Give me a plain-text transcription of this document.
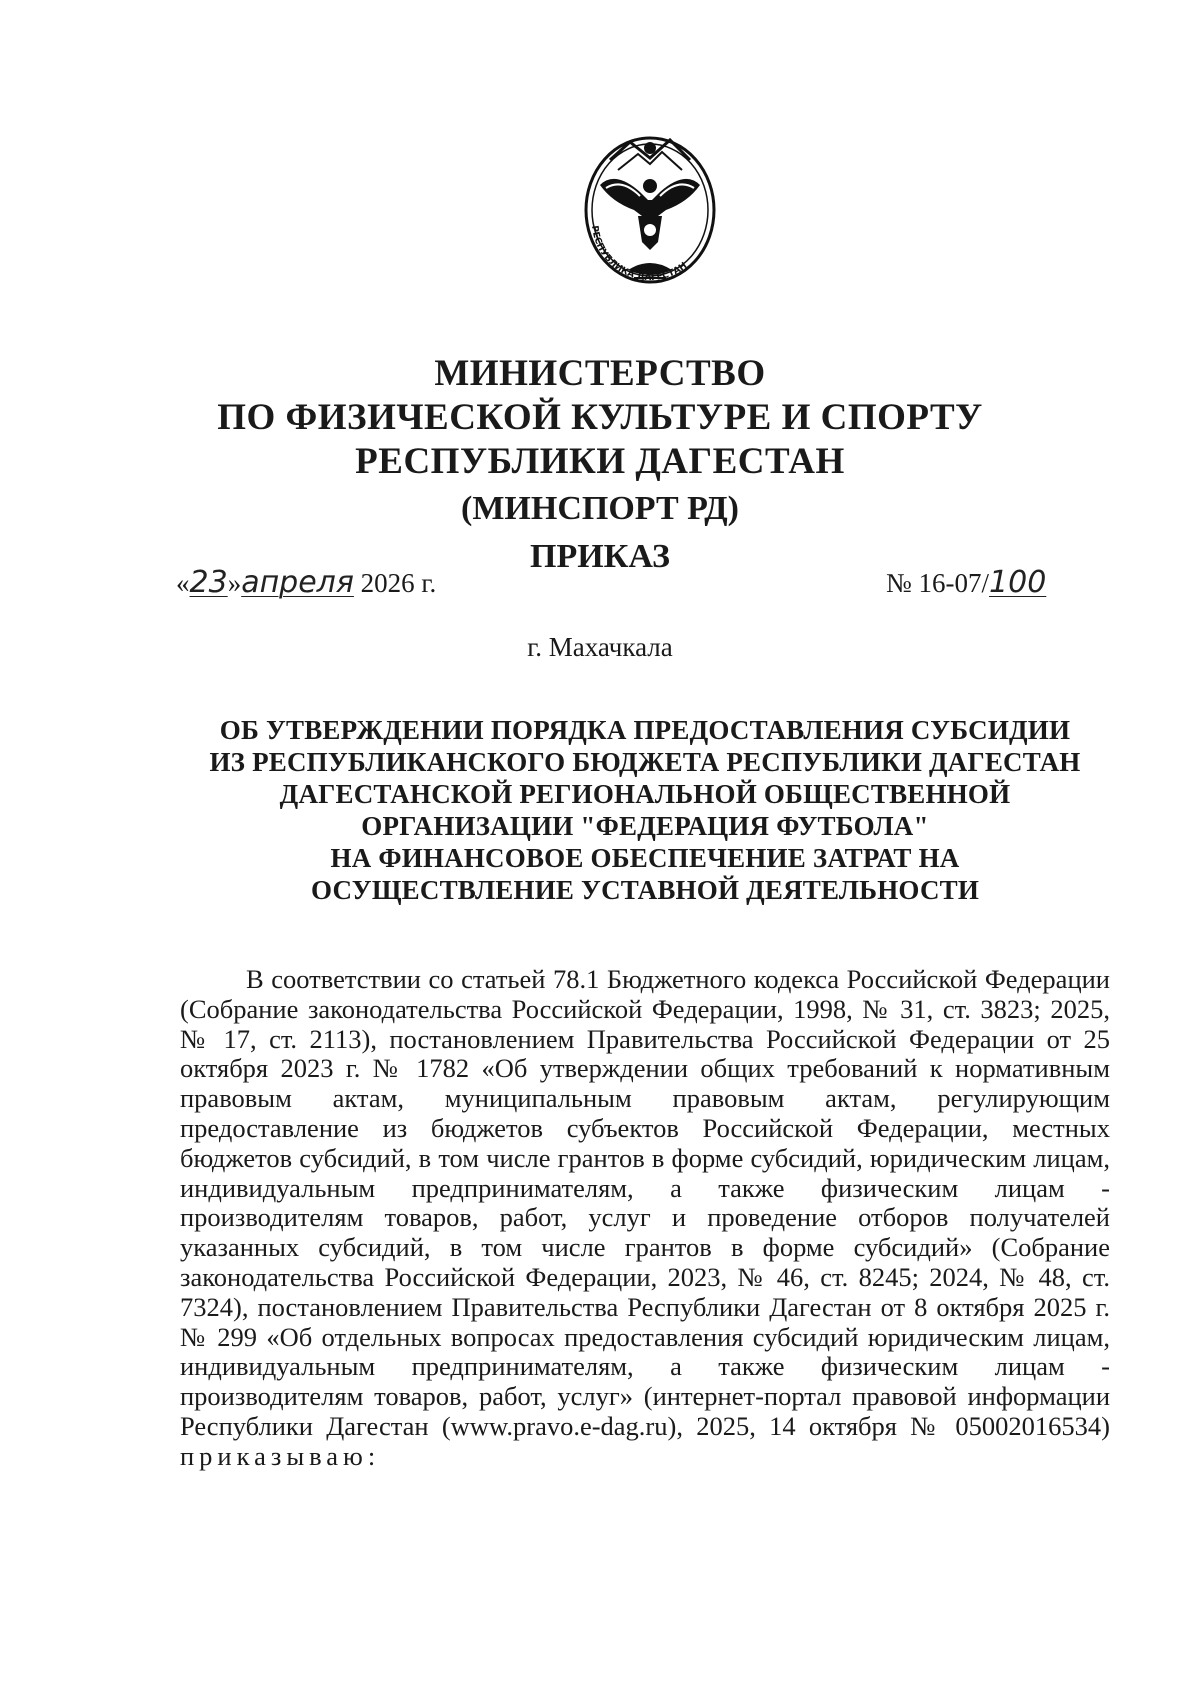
РЕСПУБЛИКА ДАГЕСТАН
МИНИСТЕРСТВО
ПО ФИЗИЧЕСКОЙ КУЛЬТУРЕ И СПОРТУ
РЕСПУБЛИКИ ДАГЕСТАН
(МИНСПОРТ РД)
ПРИКАЗ
«23»апреля 2026 г.	№ 16-07/100
г. Махачкала
ОБ УТВЕРЖДЕНИИ ПОРЯДКА ПРЕДОСТАВЛЕНИЯ СУБСИДИИ
ИЗ РЕСПУБЛИКАНСКОГО БЮДЖЕТА РЕСПУБЛИКИ ДАГЕСТАН
ДАГЕСТАНСКОЙ РЕГИОНАЛЬНОЙ ОБЩЕСТВЕННОЙ
ОРГАНИЗАЦИИ "ФЕДЕРАЦИЯ ФУТБОЛА"
НА ФИНАНСОВОЕ ОБЕСПЕЧЕНИЕ ЗАТРАТ НА
ОСУЩЕСТВЛЕНИЕ УСТАВНОЙ ДЕЯТЕЛЬНОСТИ
В соответствии со статьей 78.1 Бюджетного кодекса Российской Федерации (Собрание законодательства Российской Федерации, 1998, № 31, ст. 3823; 2025, № 17, ст. 2113), постановлением Правительства Российской Федерации от 25 октября 2023 г. № 1782 «Об утверждении общих требований к нормативным правовым актам, муниципальным правовым актам, регулирующим предоставление из бюджетов субъектов Российской Федерации, местных бюджетов субсидий, в том числе грантов в форме субсидий, юридическим лицам, индивидуальным предпринимателям, а также физическим лицам - производителям товаров, работ, услуг и проведение отборов получателей указанных субсидий, в том числе грантов в форме субсидий» (Собрание законодательства Российской Федерации, 2023, № 46, ст. 8245; 2024, № 48, ст. 7324), постановлением Правительства Республики Дагестан от 8 октября 2025 г. № 299 «Об отдельных вопросах предоставления субсидий юридическим лицам, индивидуальным предпринимателям, а также физическим лицам - производителям товаров, работ, услуг» (интернет-портал правовой информации Республики Дагестан (www.pravo.e-dag.ru), 2025, 14 октября № 05002016534) приказываю:
